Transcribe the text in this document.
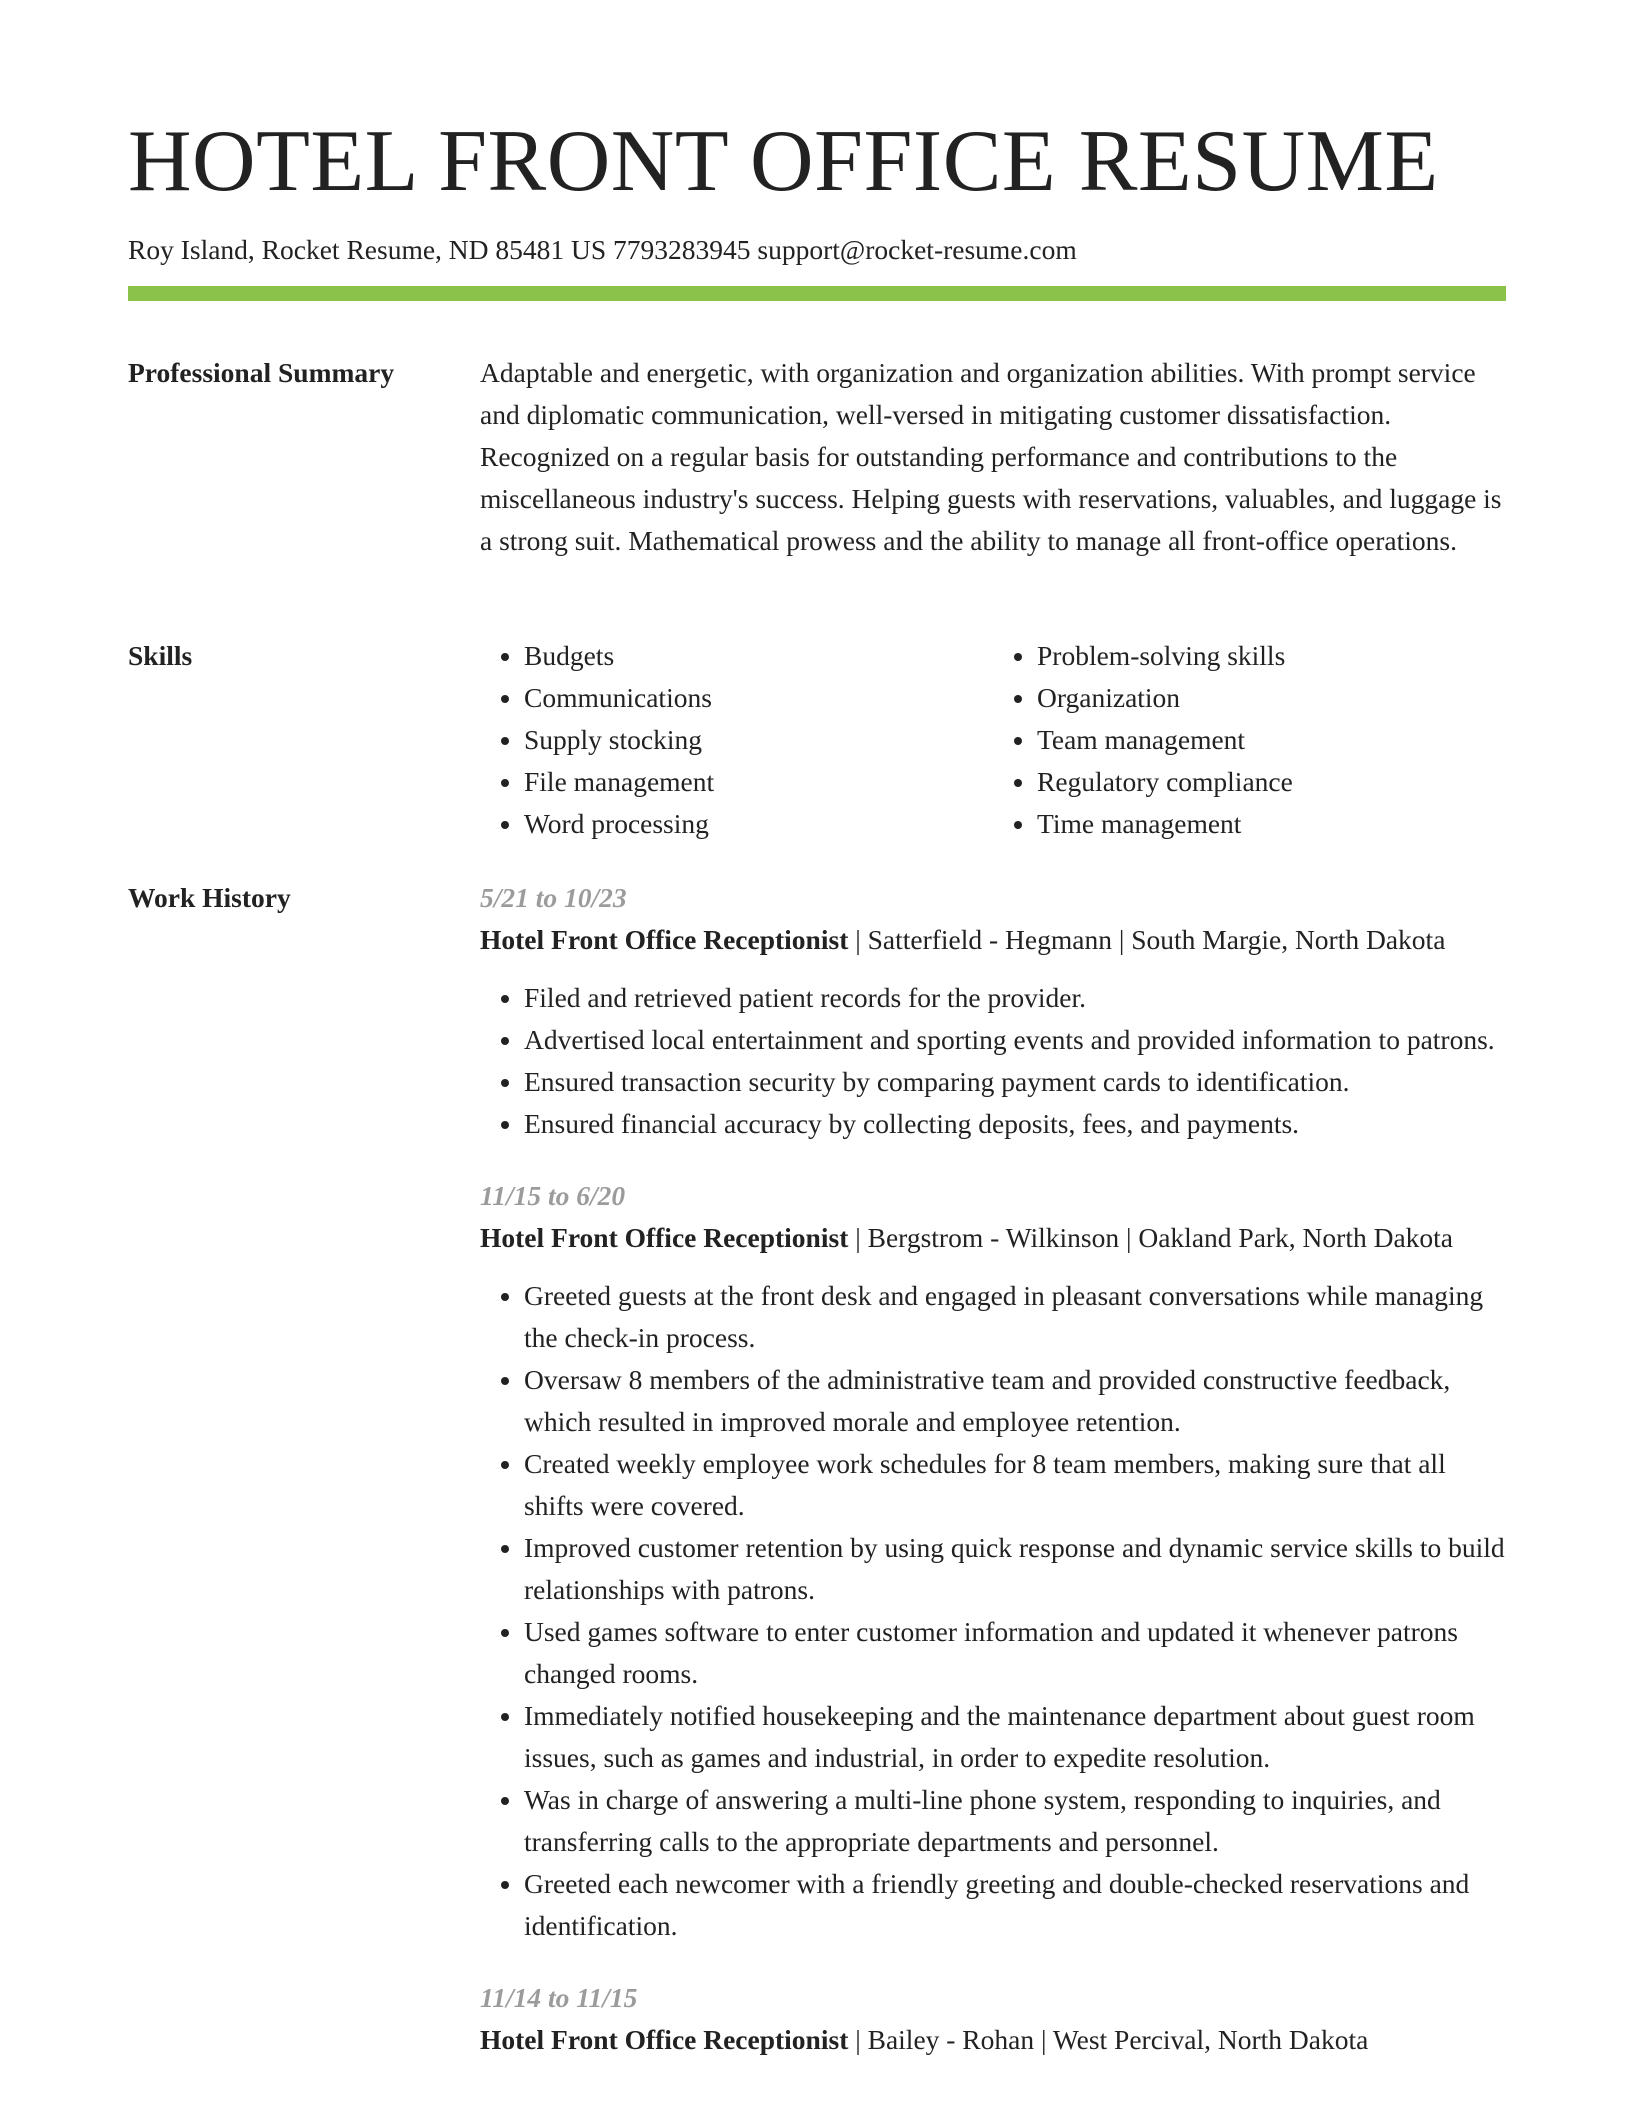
HOTEL FRONT OFFICE RESUME
Roy Island, Rocket Resume, ND 85481 US 7793283945 support@rocket-resume.com
Professional Summary	Adaptable and energetic, with organization and organization abilities. With prompt service and diplomatic communication, well-versed in mitigating customer dissatisfaction. Recognized on a regular basis for outstanding performance and contributions to the miscellaneous industry's success. Helping guests with reservations, valuables, and luggage is a strong suit. Mathematical prowess and the ability to manage all front-office operations.

Skills
•	Budgets
• Communications
• Supply stocking
• File management
• Word processing
• Problem-solving skills
• Organization
• Team management
• Regulatory compliance
• Time management
Work History	5/21 to 10/23
Hotel Front Office Receptionist | Satterfield - Hegmann | South Margie, North Dakota
• Filed and retrieved patient records for the provider.
• Advertised local entertainment and sporting events and provided information to patrons.
• Ensured transaction security by comparing payment cards to identification.
• Ensured financial accuracy by collecting deposits, fees, and payments.
11/15 to 6/20
Hotel Front Office Receptionist | Bergstrom - Wilkinson | Oakland Park, North Dakota
• Greeted guests at the front desk and engaged in pleasant conversations while managing the check-in process.
• Oversaw 8 members of the administrative team and provided constructive feedback, which resulted in improved morale and employee retention.
• Created weekly employee work schedules for 8 team members, making sure that all shifts were covered.
• Improved customer retention by using quick response and dynamic service skills to build relationships with patrons.
• Used games software to enter customer information and updated it whenever patrons changed rooms.
• Immediately notified housekeeping and the maintenance department about guest room issues, such as games and industrial, in order to expedite resolution.
• Was in charge of answering a multi-line phone system, responding to inquiries, and transferring calls to the appropriate departments and personnel.
• Greeted each newcomer with a friendly greeting and double-checked reservations and identification.
11/14 to 11/15
Hotel Front Office Receptionist | Bailey - Rohan | West Percival, North Dakota
